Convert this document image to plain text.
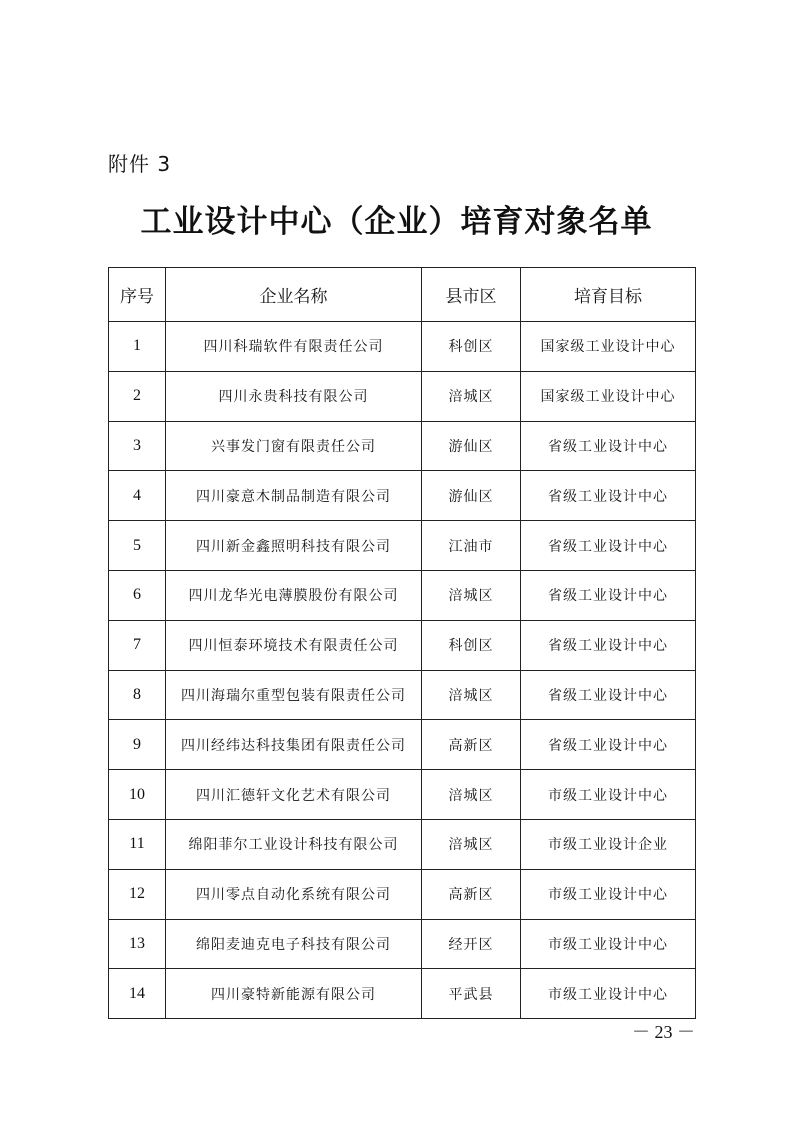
附件 3
工业设计中心（企业）培育对象名单
序号	企业名称	县市区	培育目标
1	四川科瑞软件有限责任公司	科创区	国家级工业设计中心
2	四川永贵科技有限公司	涪城区	国家级工业设计中心
3	兴事发门窗有限责任公司	游仙区	省级工业设计中心
4	四川豪意木制品制造有限公司	游仙区	省级工业设计中心
5	四川新金鑫照明科技有限公司	江油市	省级工业设计中心
6	四川龙华光电薄膜股份有限公司	涪城区	省级工业设计中心
7	四川恒泰环境技术有限责任公司	科创区	省级工业设计中心
8	四川海瑞尔重型包装有限责任公司	涪城区	省级工业设计中心
9	四川经纬达科技集团有限责任公司	高新区	省级工业设计中心
10	四川汇德轩文化艺术有限公司	涪城区	市级工业设计中心
11	绵阳菲尔工业设计科技有限公司	涪城区	市级工业设计企业
12	四川零点自动化系统有限公司	高新区	市级工业设计中心
13	绵阳麦迪克电子科技有限公司	经开区	市级工业设计中心
14	四川豪特新能源有限公司	平武县	市级工业设计中心
－ 23 －
